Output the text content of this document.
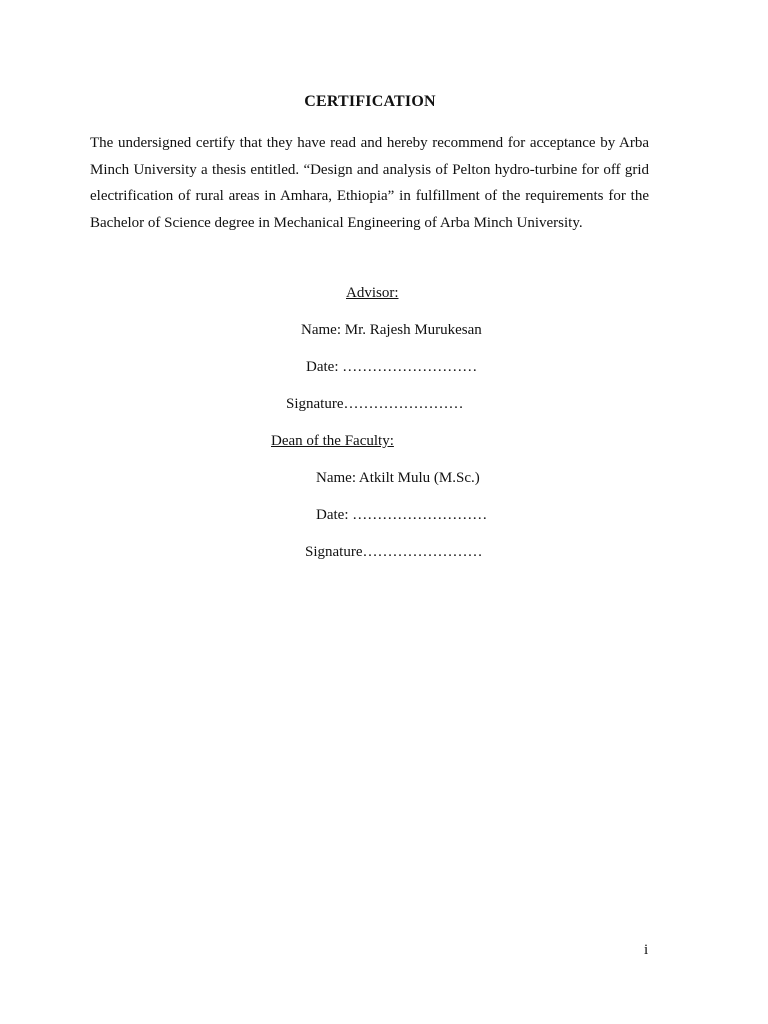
CERTIFICATION
The undersigned certify that they have read and hereby recommend for acceptance by Arba Minch University a thesis entitled. “Design and analysis of Pelton hydro-turbine for off grid electrification of rural areas in Amhara, Ethiopia” in fulfillment of the requirements for the Bachelor of Science degree in Mechanical Engineering of Arba Minch University.
Advisor:
Name: Mr. Rajesh Murukesan
Date: ………………………
Signature……………………
Dean of the Faculty:
Name: Atkilt Mulu (M.Sc.)
Date: ………………………
Signature……………………
i
